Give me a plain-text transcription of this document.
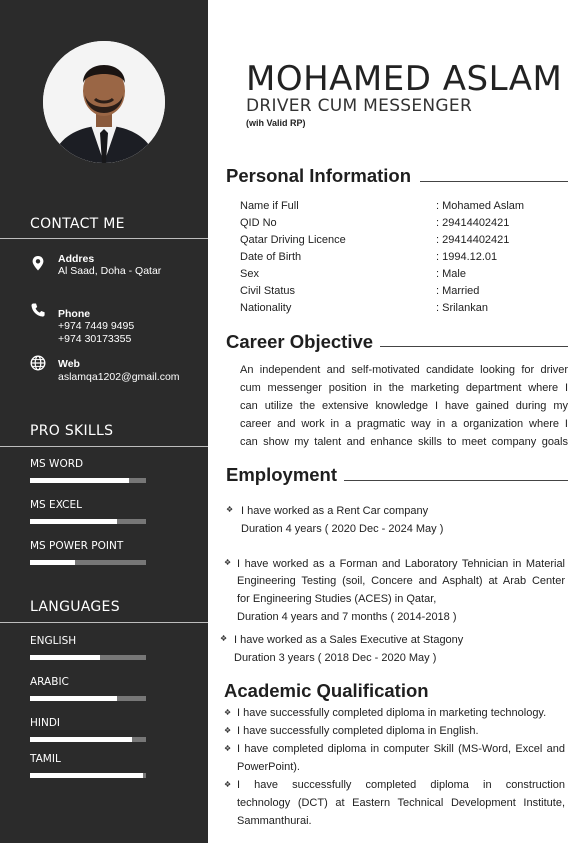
CONTACT ME
Addres
Al Saad, Doha - Qatar
Phone
+974 7449 9495
+974 30173355
Web
aslamqa1202@gmail.com
PRO SKILLS
MS WORD
MS EXCEL
MS POWER POINT
LANGUAGES
ENGLISH
ARABIC
HINDI
TAMIL
MOHAMED ASLAM
DRIVER CUM MESSENGER
(wih Valid RP)
Personal Information
Name if Full	: Mohamed Aslam
QID No	: 29414402421
Qatar Driving Licence	: 29414402421
Date of Birth	: 1994.12.01
Sex	: Male
Civil Status	: Married
Nationality	: Srilankan
Career Objective
An independent and self-motivated candidate looking for driver
cum messenger position in the marketing department where I
can utilize the extensive knowledge I have gained during my
career and work in a pragmatic way in a organization where I
can show my talent and enhance skills to meet company goals
Employment
❖ I have worked as a Rent Car company
Duration 4 years ( 2020 Dec - 2024 May )
❖ I have worked as a Forman and Laboratory Tehnician in Material
Engineering Testing (soil, Concere and Asphalt) at Arab Center
for Engineering Studies (ACES) in Qatar,
Duration 4 years and 7 months ( 2014-2018 )
❖ I have worked as a Sales Executive at Stagony
Duration 3 years ( 2018 Dec - 2020 May )
Academic Qualification
❖ I have successfully completed diploma in marketing technology.
❖ I have successfully completed diploma in English.
❖ I have completed diploma in computer Skill (MS-Word, Excel and
PowerPoint).
❖ I have successfully completed diploma in construction
technology (DCT) at Eastern Technical Development Institute,
Sammanthurai.
